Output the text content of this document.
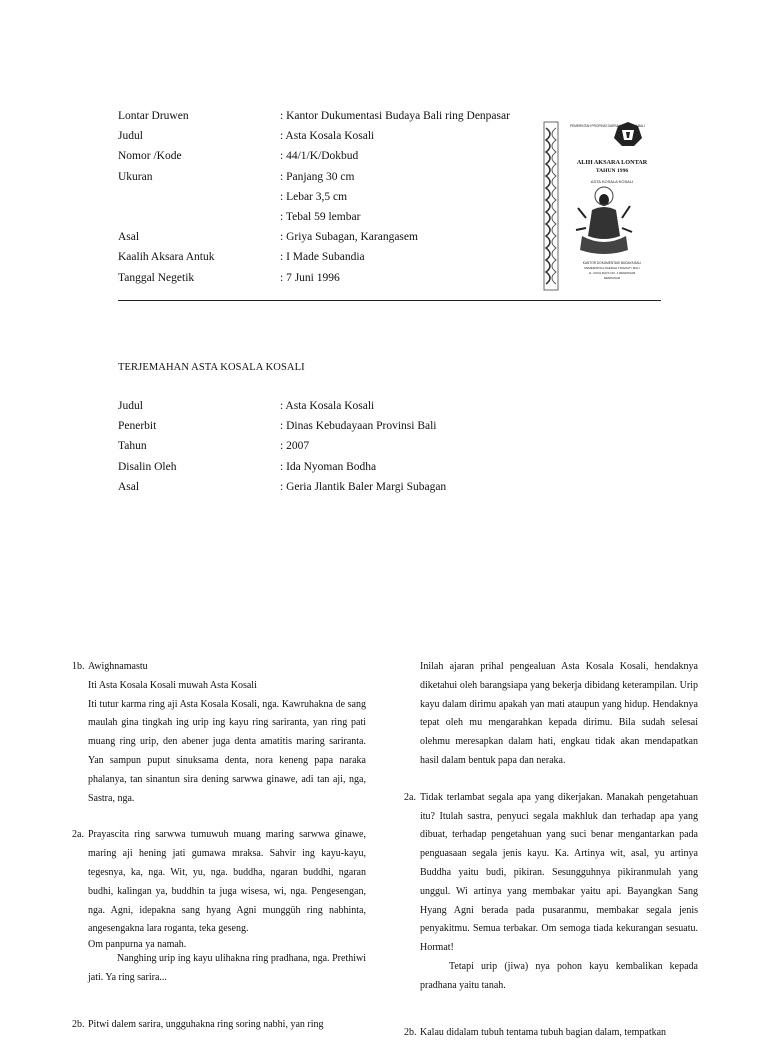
Lontar Druwen	: Kantor Dukumentasi Budaya Bali ring Denpasar
Judul	: Asta Kosala Kosali
Nomor /Kode	: 44/1/K/Dokbud
Ukuran	: Panjang 30 cm
: Lebar 3,5 cm
: Tebal 59 lembar
Asal	: Griya Subagan, Karangasem
Kaalih Aksara Antuk	: I Made Subandia
Tanggal Negetik	: 7 Juni 1996
PEMERINTAH PROPINSI DAERAH TINGKAT I BALI
ALIH AKSARA LONTAR
TAHUN 1996
ASTA KOSALA KOSALI
KANTOR DOKUMENTASI BUDAYA BALI
PEMERINTAH DAERAH TINGKAT I BALI
JL. RAYA RAYA NO. 1 DENPASAR
DENPASAR
TERJEMAHAN ASTA KOSALA KOSALI
Judul	: Asta Kosala Kosali
Penerbit	: Dinas Kebudayaan Provinsi Bali
Tahun	: 2007
Disalin Oleh	: Ida Nyoman Bodha
Asal	: Geria Jlantik Baler Margi Subagan
1b. Awighnamastu

Iti Asta Kosala Kosali muwah Asta Kosali

Iti tutur karma ring aji Asta Kosala Kosali, nga. Kawruhakna de sang maulah gina tingkah ing urip ing kayu ring sariranta, yan ring pati muang ring urip, den abener juga denta amatitis maring sariranta. Yan sampun puput sinuksama denta, nora keneng papa naraka phalanya, tan sinantun sira dening sarwwa ginawe, adi tan aji, nga, Sastra, nga.

2a. Prayascita ring sarwwa tumuwuh muang maring sarwwa ginawe, maring aji hening jati gumawa mraksa. Sahvir ing kayu-kayu, tegesnya, ka, nga. Wit, yu, nga. buddha, ngaran buddhi, ngaran budhi, kalingan ya, buddhin ta juga wisesa, wi, nga. Pengesengan, nga. Agni, idepakna sang hyang Agni munggüh ring nabhinta, angesengakna lara roganta, teka geseng.

Om panpurna ya namah.

Nanghing urip ing kayu ulihakna ring pradhana, nga. Prethiwi jati. Ya ring sarira...

2b. Pitwi dalem sarira, ungguhakna ring soring nabhi, yan ring

Inilah ajaran prihal pengealuan Asta Kosala Kosali, hendaknya diketahui oleh barangsiapa yang bekerja dibidang keterampilan. Urip kayu dalam dirimu apakah yan mati ataupun yang hidup. Hendaknya tepat oleh mu mengarahkan kepada dirimu. Bila sudah selesai olehmu meresapkan dalam hati, engkau tidak akan mendapatkan hasil dalam bentuk papa dan neraka.

2a. Tidak terlambat segala apa yang dikerjakan. Manakah pengetahuan itu? Itulah sastra, penyuci segala makhluk dan terhadap apa yang dibuat, terhadap pengetahuan yang suci benar mengantarkan pada penguasaan segala jenis kayu. Ka. Artinya wit, asal, yu artinya Buddha yaitu budi, pikiran. Sesungguhnya pikiranmulah yang unggul. Wi artinya yang membakar yaitu api. Bayangkan Sang Hyang Agni berada pada pusaranmu, membakar segala jenis penyakitmu. Semua terbakar. Om semoga tiada kekurangan sesuatu. Hormat!

Tetapi urip (jiwa) nya pohon kayu kembalikan kepada pradhana yaitu tanah.

2b. Kalau didalam tubuh tentama tubuh bagian dalam, tempatkan
